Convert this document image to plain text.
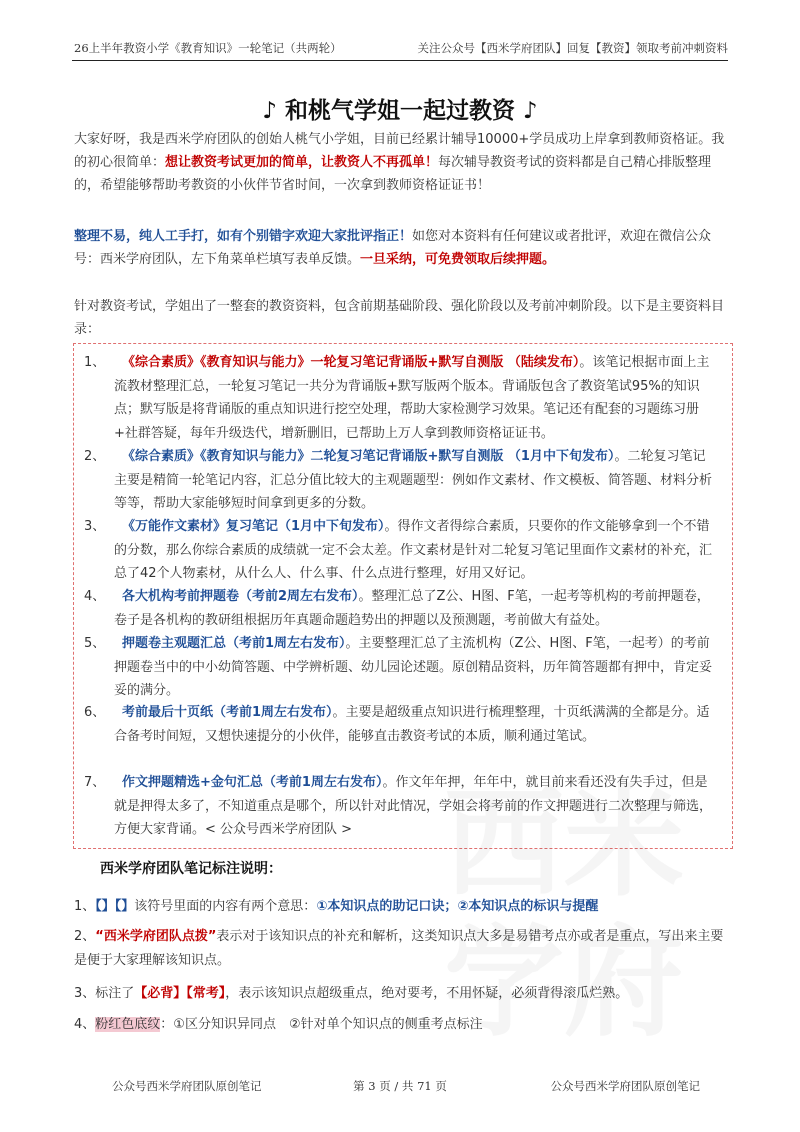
26上半年教资小学《教育知识》一轮笔记（共两轮）	关注公众号【西米学府团队】回复【教资】领取考前冲刺资料
♪ 和桃气学姐一起过教资 ♪
大家好呀，我是西米学府团队的创始人桃气小学姐，目前已经累计辅导10000+学员成功上岸拿到教师资格证。我的初心很简单：想让教资考试更加的简单，让教资人不再孤单！每次辅导教资考试的资料都是自己精心排版整理的，希望能够帮助考教资的小伙伴节省时间，一次拿到教师资格证证书！
整理不易，纯人工手打，如有个别错字欢迎大家批评指正！如您对本资料有任何建议或者批评，欢迎在微信公众号：西米学府团队，左下角菜单栏填写表单反馈。一旦采纳，可免费领取后续押题。
针对教资考试，学姐出了一整套的教资资料，包含前期基础阶段、强化阶段以及考前冲刺阶段。以下是主要资料目录：

1、	《综合素质》《教育知识与能力》一轮复习笔记背诵版+默写自测版 （陆续发布）。该笔记根据市面上主流教材整理汇总，一轮复习笔记一共分为背诵版+默写版两个版本。背诵版包含了教资笔试95%的知识点；默写版是将背诵版的重点知识进行挖空处理，帮助大家检测学习效果。笔记还有配套的习题练习册+社群答疑，每年升级迭代，增新删旧，已帮助上万人拿到教师资格证证书。
2、	《综合素质》《教育知识与能力》二轮复习笔记背诵版+默写自测版 （1月中下旬发布）。二轮复习笔记主要是精简一轮笔记内容，汇总分值比较大的主观题题型：例如作文素材、作文模板、简答题、材料分析等等，帮助大家能够短时间拿到更多的分数。
3、	《万能作文素材》复习笔记（1月中下旬发布）。得作文者得综合素质，只要你的作文能够拿到一个不错的分数，那么你综合素质的成绩就一定不会太差。作文素材是针对二轮复习笔记里面作文素材的补充，汇总了42个人物素材，从什么人、什么事、什么点进行整理，好用又好记。
4、	各大机构考前押题卷（考前2周左右发布）。整理汇总了Z公、H图、F笔，一起考等机构的考前押题卷，卷子是各机构的教研组根据历年真题命题趋势出的押题以及预测题，考前做大有益处。
5、	押题卷主观题汇总（考前1周左右发布）。主要整理汇总了主流机构（Z公、H图、F笔，一起考）的考前押题卷当中的中小幼简答题、中学辨析题、幼儿园论述题。原创精品资料，历年简答题都有押中，肯定妥妥的满分。
6、	考前最后十页纸（考前1周左右发布）。主要是超级重点知识进行梳理整理，十页纸满满的全都是分。适合备考时间短，又想快速提分的小伙伴，能够直击教资考试的本质，顺利通过笔试。
7、	作文押题精选+金句汇总（考前1周左右发布）。作文年年押，年年中，就目前来看还没有失手过，但是就是押得太多了，不知道重点是哪个，所以针对此情况，学姐会将考前的作文押题进行二次整理与筛选，方便大家背诵。< 公众号西米学府团队 >
西米学府团队笔记标注说明：
1、【】【】该符号里面的内容有两个意思：①本知识点的助记口诀；②本知识点的标识与提醒
2、“西米学府团队点拨”表示对于该知识点的补充和解析，这类知识点大多是易错考点亦或者是重点，写出来主要是便于大家理解该知识点。
3、标注了【必背】【常考】，表示该知识点超级重点，绝对要考，不用怀疑，必须背得滚瓜烂熟。
4、粉红色底纹：①区分知识异同点　②针对单个知识点的侧重考点标注
公众号西米学府团队原创笔记	第 3 页 / 共 71 页	公众号西米学府团队原创笔记
